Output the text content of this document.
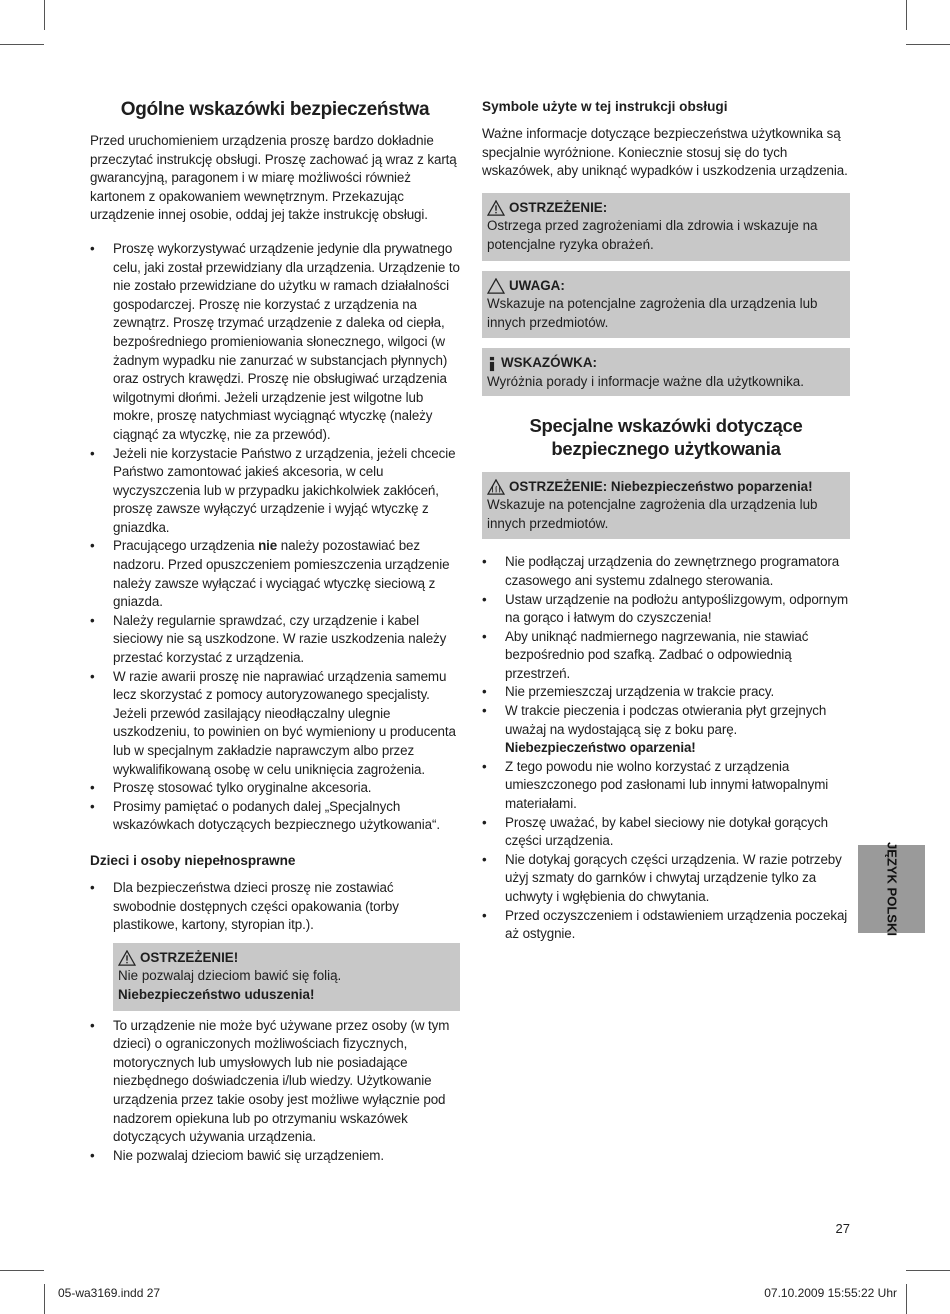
Ogólne wskazówki bezpieczeństwa

Przed uruchomieniem urządzenia proszę bardzo dokładnie przeczytać instrukcję obsługi. Proszę zachować ją wraz z kartą gwarancyjną, paragonem i w miarę możliwości również kartonem z opakowaniem wewnętrznym. Przekazując urządzenie innej osobie, oddaj jej także instrukcję obsługi.

• Proszę wykorzystywać urządzenie jedynie dla prywatnego celu, jaki został przewidziany dla urządzenia. Urządzenie to nie zostało przewidziane do użytku w ramach działalności gospodarczej. Proszę nie korzystać z urządzenia na zewnątrz. Proszę trzymać urządzenie z daleka od ciepła, bezpośredniego promieniowania słonecznego, wilgoci (w żadnym wypadku nie zanurzać w substancjach płynnych) oraz ostrych krawędzi. Proszę nie obsługiwać urządzenia wilgotnymi dłońmi. Jeżeli urządzenie jest wilgotne lub mokre, proszę natychmiast wyciągnąć wtyczkę (należy ciągnąć za wtyczkę, nie za przewód).
• Jeżeli nie korzystacie Państwo z urządzenia, jeżeli chcecie Państwo zamontować jakieś akcesoria, w celu wyczyszczenia lub w przypadku jakichkolwiek zakłóceń, proszę zawsze wyłączyć urządzenie i wyjąć wtyczkę z gniazdka.
• Pracującego urządzenia nie należy pozostawiać bez nadzoru. Przed opuszczeniem pomieszczenia urządzenie należy zawsze wyłączać i wyciągać wtyczkę sieciową z gniazda.
• Należy regularnie sprawdzać, czy urządzenie i kabel sieciowy nie są uszkodzone. W razie uszkodzenia należy przestać korzystać z urządzenia.
• W razie awarii proszę nie naprawiać urządzenia samemu lecz skorzystać z pomocy autoryzowanego specjalisty. Jeżeli przewód zasilający nieodłączalny ulegnie uszkodzeniu, to powinien on być wymieniony u producenta lub w specjalnym zakładzie naprawczym albo przez wykwalifikowaną osobę w celu uniknięcia zagrożenia.
• Proszę stosować tylko oryginalne akcesoria.
• Prosimy pamiętać o podanych dalej „Specjalnych wskazówkach dotyczących bezpiecznego użytkowania“.
Dzieci i osoby niepełnosprawne
• Dla bezpieczeństwa dzieci proszę nie zostawiać swobodnie dostępnych części opakowania (torby plastikowe, kartony, styropian itp.).
OSTRZEŻENIE!
Nie pozwalaj dzieciom bawić się folią.
Niebezpieczeństwo uduszenia!
• To urządzenie nie może być używane przez osoby (w tym dzieci) o ograniczonych możliwościach fizycznych, motorycznych lub umysłowych lub nie posiadające niezbędnego doświadczenia i/lub wiedzy. Użytkowanie urządzenia przez takie osoby jest możliwe wyłącznie pod nadzorem opiekuna lub po otrzymaniu wskazówek dotyczących używania urządzenia.
• Nie pozwalaj dzieciom bawić się urządzeniem.
Symbole użyte w tej instrukcji obsługi

Ważne informacje dotyczące bezpieczeństwa użytkownika są specjalnie wyróżnione. Koniecznie stosuj się do tych wskazówek, aby uniknąć wypadków i uszkodzenia urządzenia.

OSTRZEŻENIE:
Ostrzega przed zagrożeniami dla zdrowia i wskazuje na potencjalne ryzyka obrażeń.
UWAGA:
Wskazuje na potencjalne zagrożenia dla urządzenia lub innych przedmiotów.
WSKAZÓWKA:
Wyróżnia porady i informacje ważne dla użytkownika.
Specjalne wskazówki dotyczące bezpiecznego użytkowania
OSTRZEŻENIE: Niebezpieczeństwo poparzenia!
Wskazuje na potencjalne zagrożenia dla urządzenia lub innych przedmiotów.
• Nie podłączaj urządzenia do zewnętrznego programatora czasowego ani systemu zdalnego sterowania.
• Ustaw urządzenie na podłożu antypoślizgowym, odpornym na gorąco i łatwym do czyszczenia!
• Aby uniknąć nadmiernego nagrzewania, nie stawiać bezpośrednio pod szafką. Zadbać o odpowiednią przestrzeń.
• Nie przemieszczaj urządzenia w trakcie pracy.
• W trakcie pieczenia i podczas otwierania płyt grzejnych uważaj na wydostającą się z boku parę.
Niebezpieczeństwo oparzenia!
• Z tego powodu nie wolno korzystać z urządzenia umieszczonego pod zasłonami lub innymi łatwopalnymi materiałami.
• Proszę uważać, by kabel sieciowy nie dotykał gorących części urządzenia.
• Nie dotykaj gorących części urządzenia. W razie potrzeby użyj szmaty do garnków i chwytaj urządzenie tylko za uchwyty i wgłębienia do chwytania.
• Przed oczyszczeniem i odstawieniem urządzenia poczekaj aż ostygnie.	JĘZYK POLSKI
27
05-wa3169.indd 27	07.10.2009 15:55:22 Uhr
